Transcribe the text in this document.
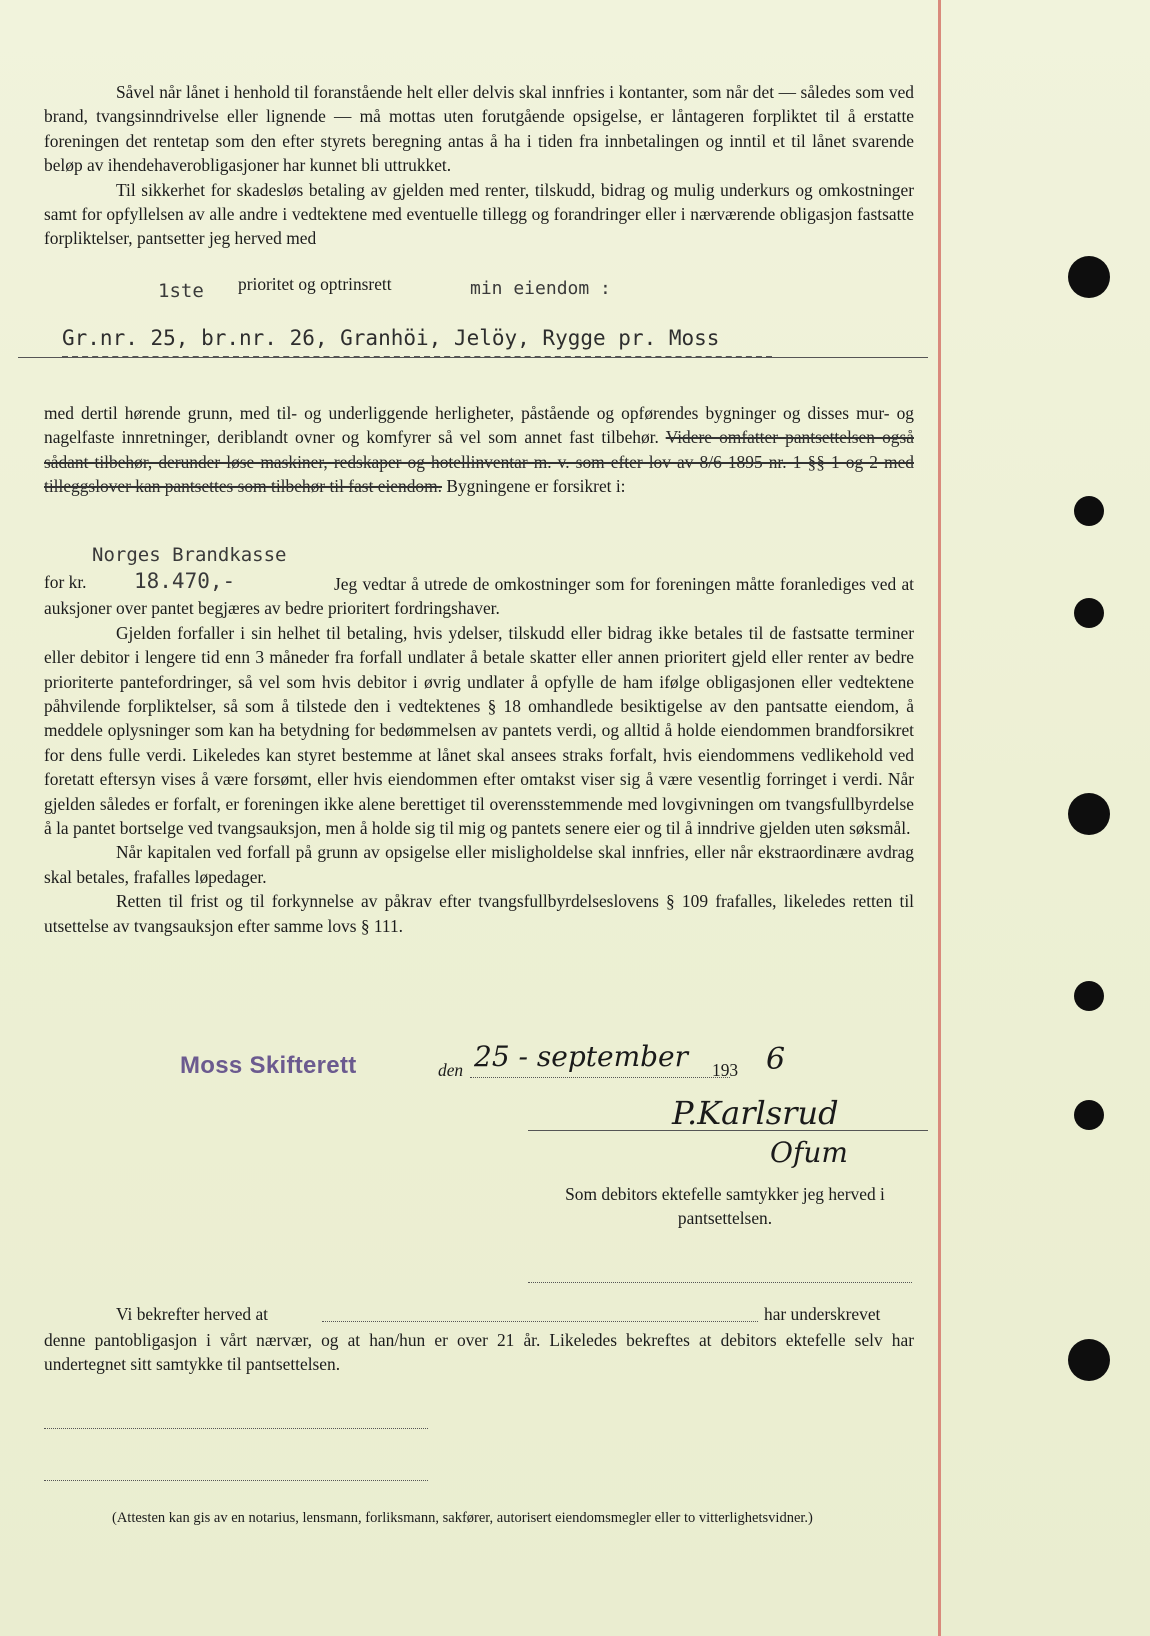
Såvel når lånet i henhold til foranstående helt eller delvis skal innfries i kontanter, som når det — således som ved brand, tvangsinndrivelse eller lignende — må mottas uten forutgående opsigelse, er låntageren forpliktet til å erstatte foreningen det rentetap som den efter styrets beregning antas å ha i tiden fra innbetalingen og inntil et til lånet svarende beløp av ihendehaverobligasjoner har kunnet bli uttrukket.

Til sikkerhet for skadesløs betaling av gjelden med renter, tilskudd, bidrag og mulig underkurs og omkostninger samt for opfyllelsen av alle andre i vedtektene med eventuelle tillegg og forandringer eller i nærværende obligasjon fastsatte forpliktelser, pantsetter jeg herved med

1ste prioritet og optrinsrett	min eiendom :
Gr.nr. 25, br.nr. 26, Granhöi, Jelöy, Rygge pr. Moss
med dertil hørende grunn, med til- og underliggende herligheter, påstående og opførendes bygninger og disses mur- og nagelfaste innretninger, deriblandt ovner og komfyrer så vel som annet fast tilbehør. Videre omfatter pantsettelsen også sådant tilbehør, derunder løse maskiner, redskaper og hotellinventar m. v. som efter lov av 8/6 1895 nr. 1 §§ 1 og 2 med tilleggslover kan pantsettes som tilbehør til fast eiendom. Bygningene er forsikret i:
Norges Brandkasse
for kr. 18.470,-	Jeg vedtar å utrede de omkostninger som for foreningen måtte foranlediges ved at auksjoner over pantet begjæres av bedre prioritert fordringshaver.

Gjelden forfaller i sin helhet til betaling, hvis ydelser, tilskudd eller bidrag ikke betales til de fastsatte terminer eller debitor i lengere tid enn 3 måneder fra forfall undlater å betale skatter eller annen prioritert gjeld eller renter av bedre prioriterte pantefordringer, så vel som hvis debitor i øvrig undlater å opfylle de ham ifølge obligasjonen eller vedtektene påhvilende forpliktelser, så som å tilstede den i vedtektenes § 18 omhandlede besiktigelse av den pantsatte eiendom, å meddele oplysninger som kan ha betydning for bedømmelsen av pantets verdi, og alltid å holde eiendommen brandforsikret for dens fulle verdi. Likeledes kan styret bestemme at lånet skal ansees straks forfalt, hvis eiendommens vedlikehold ved foretatt eftersyn vises å være forsømt, eller hvis eiendommen efter omtakst viser sig å være vesentlig forringet i verdi. Når gjelden således er forfalt, er foreningen ikke alene berettiget til overensstemmende med lovgivningen om tvangsfullbyrdelse å la pantet bortselge ved tvangsauksjon, men å holde sig til mig og pantets senere eier og til å inndrive gjelden uten søksmål.

Når kapitalen ved forfall på grunn av opsigelse eller misligholdelse skal innfries, eller når ekstraordinære avdrag skal betales, frafalles løpedager.

Retten til frist og til forkynnelse av påkrav efter tvangsfullbyrdelseslovens § 109 frafalles, likeledes retten til utsettelse av tvangsauksjon efter samme lovs § 111.

Moss Skifterett	den 25 - september 193 6
P.Karlsrud
Ofum
Som debitors ektefelle samtykker jeg herved i pantsettelsen.
Vi bekrefter herved at	har underskrevet
denne pantobligasjon i vårt nærvær, og at han/hun er over 21 år. Likeledes bekreftes at debitors ektefelle selv har undertegnet sitt samtykke til pantsettelsen.
(Attesten kan gis av en notarius, lensmann, forliksmann, sakfører, autorisert eiendomsmegler eller to vitterlighetsvidner.)
